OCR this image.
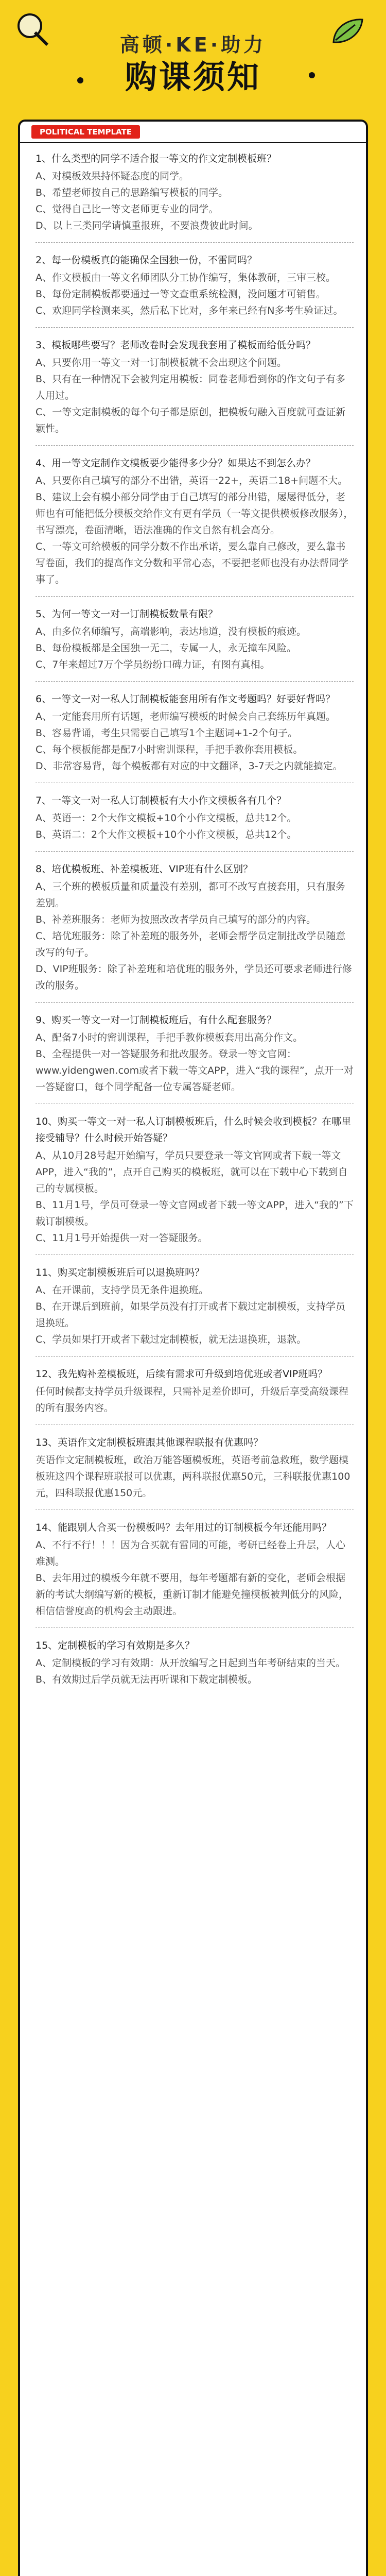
高顿·KE·助力
购课须知
POLITICAL TEMPLATE

1、什么类型的同学不适合报一等文的作文定制模板班？

A、对模板效果持怀疑态度的同学。

B、希望老师按自己的思路编写模板的同学。

C、觉得自己比一等文老师更专业的同学。

D、以上三类同学请慎重报班，不要浪费彼此时间。

2、每一份模板真的能确保全国独一份，不雷同吗？

A、作文模板由一等文名师团队分工协作编写，集体教研，三审三校。

B、每份定制模板都要通过一等文查重系统检测，没问题才可销售。

C、欢迎同学检测来买，然后私下比对，多年来已经有N多考生验证过。

3、模板哪些要写？老师改卷时会发现我套用了模板而给低分吗？

A、只要你用一等文一对一订制模板就不会出现这个问题。

B、只有在一种情况下会被判定用模板：同卷老师看到你的作文句子有多人用过。

C、一等文定制模板的每个句子都是原创，把模板句融入百度就可查证新颖性。

4、用一等文定制作文模板要少能得多少分？如果达不到怎么办？

A、只要你自己填写的部分不出错，英语一22+，英语二18+问题不大。

B、建议上会有模小部分同学由于自己填写的部分出错，屡屡得低分，老师也有可能把低分模板交给作文有更有学员（一等文提供模板修改服务），书写漂亮，卷面清晰，语法准确的作文自然有机会高分。

C、一等文可给模板的同学分数不作出承诺，要么靠自己修改，要么靠书写卷面，我们的提高作文分数和平常心态，不要把老师也没有办法帮同学事了。

5、为何一等文一对一订制模板数量有限？

A、由多位名师编写，高端影响，表达地道，没有模板的痕迹。

B、每份模板都是全国独一无二，专属一人，永无撞车风险。

C、7年来超过7万个学员纷纷口碑力证，有图有真相。

6、一等文一对一私人订制模板能套用所有作文考题吗？好要好背吗？

A、一定能套用所有话题，老师编写模板的时候会自己套练历年真题。

B、容易背诵，考生只需要自己填写1个主题词+1-2个句子。

C、每个模板能都是配7小时密训课程，手把手教你套用模板。

D、非常容易背，每个模板都有对应的中文翻译，3-7天之内就能搞定。

7、一等文一对一私人订制模板有大小作文模板各有几个？

A、英语一：2个大作文模板+10个小作文模板，总共12个。

B、英语二：2个大作文模板+10个小作文模板，总共12个。

8、培优模板班、补差模板班、VIP班有什么区别？

A、三个班的模板质量和质量没有差别，都可不改写直接套用，只有服务差别。

B、补差班服务：老师为按照改改者学员自己填写的部分的内容。

C、培优班服务：除了补差班的服务外，老师会帮学员定制批改学员随意改写的句子。

D、VIP班服务：除了补差班和培优班的服务外，学员还可要求老师进行修改的服务。

9、购买一等文一对一订制模板班后，有什么配套服务？

A、配备7小时的密训课程，手把手教你模板套用出高分作文。

B、全程提供一对一答疑服务和批改服务。登录一等文官网：www.yidengwen.com或者下载一等文APP，进入“我的课程”，点开一对一答疑窗口，每个同学配备一位专属答疑老师。

10、购买一等文一对一私人订制模板班后，什么时候会收到模板？在哪里接受辅导？什么时候开始答疑？

A、从10月28号起开始编写，学员只要登录一等文官网或者下载一等文APP，进入“我的”，点开自己购买的模板班，就可以在下载中心下载到自己的专属模板。

B、11月1号，学员可登录一等文官网或者下载一等文APP，进入“我的”下载订制模板。

C、11月1号开始提供一对一答疑服务。

11、购买定制模板班后可以退换班吗？

A、在开课前，支持学员无条件退换班。

B、在开课后到班前，如果学员没有打开或者下载过定制模板，支持学员退换班。

C、学员如果打开或者下载过定制模板，就无法退换班，退款。

12、我先购补差模板班，后续有需求可升级到培优班或者VIP班吗？

任何时候都支持学员升级课程，只需补足差价即可，升级后享受高级课程的所有服务内容。

13、英语作文定制模板班跟其他课程联报有优惠吗？

英语作文定制模板班，政治万能答题模板班，英语考前急救班，数学题模板班这四个课程班联报可以优惠，两科联报优惠50元，三科联报优惠100元，四科联报优惠150元。

14、能跟别人合买一份模板吗？去年用过的订制模板今年还能用吗？

A、不行不行！！！因为合买就有雷同的可能，考研已经卷上升层，人心难测。

B、去年用过的模板今年就不要用，每年考题都有新的变化，老师会根据新的考试大纲编写新的模板，重新订制才能避免撞模板被判低分的风险，相信信誉度高的机构会主动跟进。

15、定制模板的学习有效期是多久？

A、定制模板的学习有效期：从开放编写之日起到当年考研结束的当天。

B、有效期过后学员就无法再听课和下载定制模板。
